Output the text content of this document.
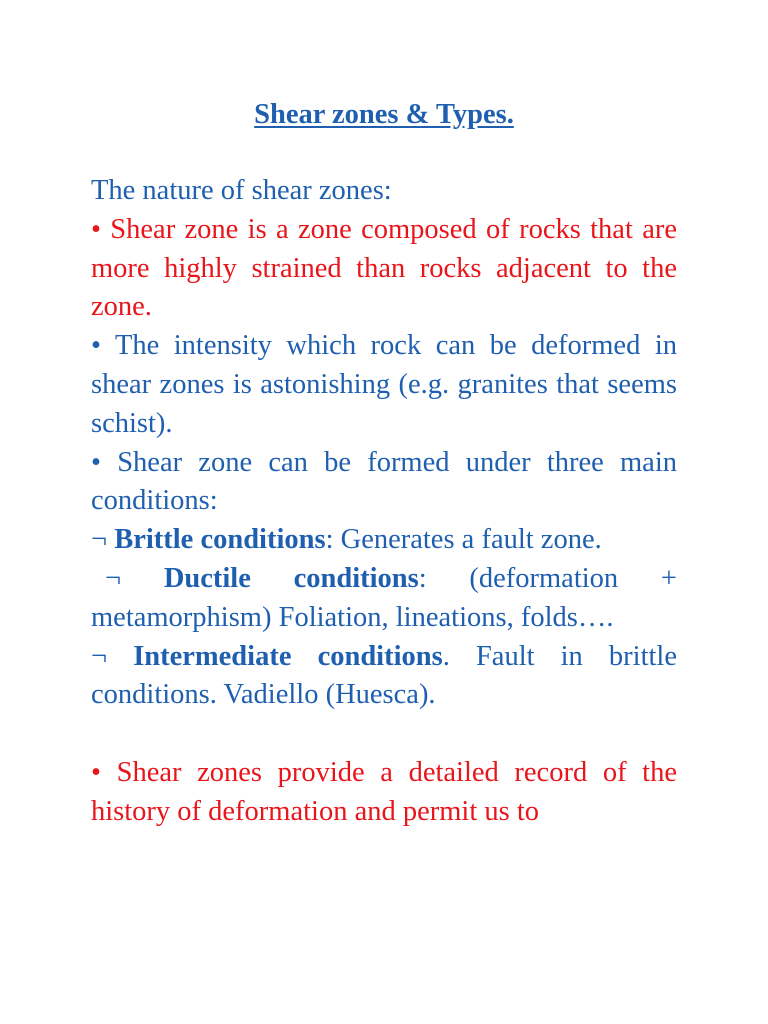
Shear zones & Types.

The nature of shear zones:

• Shear zone is a zone composed of rocks that are more highly strained than rocks adjacent to the zone.

• The intensity which rock can be deformed in shear zones is astonishing (e.g. granites that seems schist).

• Shear zone can be formed under three main conditions:

¬ Brittle conditions: Generates a fault zone.

¬ Ductile conditions: (deformation + metamorphism) Foliation, lineations, folds….

¬ Intermediate conditions. Fault in brittle conditions. Vadiello (Huesca).

• Shear zones provide a detailed record of the history of deformation and permit us to
